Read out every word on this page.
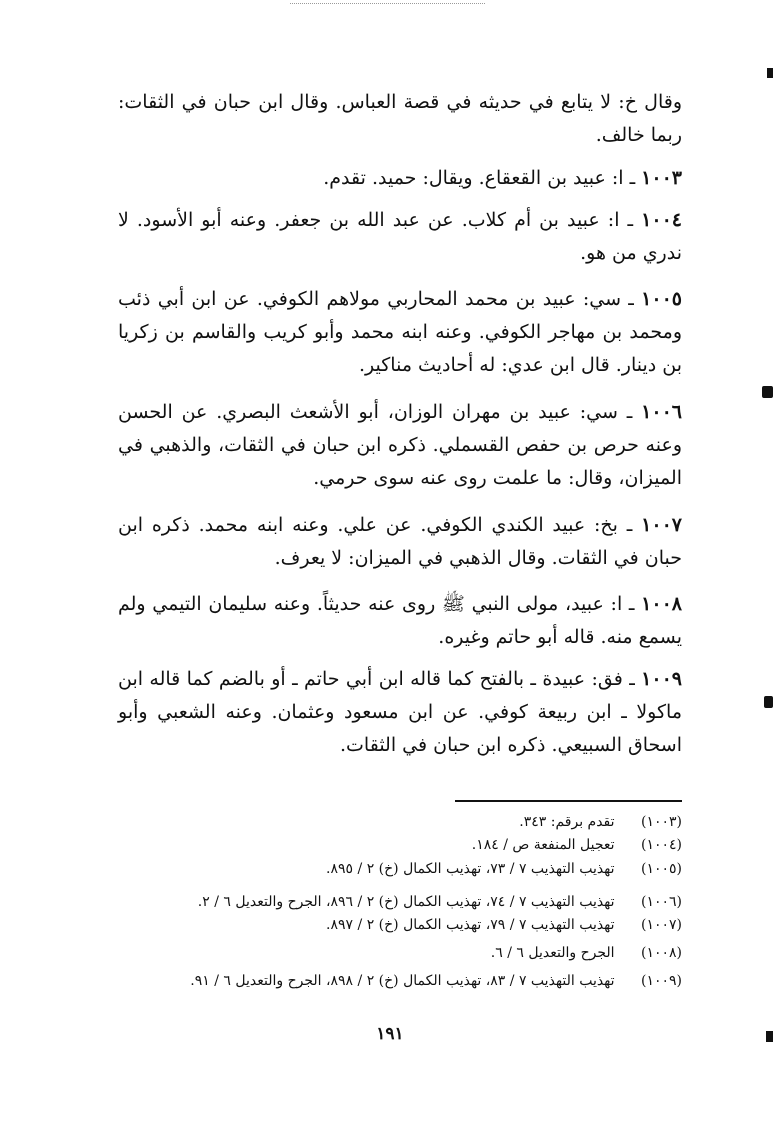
وقال خ: لا يتابع في حديثه في قصة العباس. وقال ابن حبان في الثقات: ربما خالف.

١٠٠٣ ـ ا: عبيد بن القعقاع. ويقال: حميد. تقدم.

١٠٠٤ ـ ا: عبيد بن أم كلاب. عن عبد الله بن جعفر. وعنه أبو الأسود. لا ندري من هو.

١٠٠٥ ـ سي: عبيد بن محمد المحاربي مولاهم الكوفي. عن ابن أبي ذئب ومحمد بن مهاجر الكوفي. وعنه ابنه محمد وأبو كريب والقاسم بن زكريا بن دينار. قال ابن عدي: له أحاديث مناكير.

١٠٠٦ ـ سي: عبيد بن مهران الوزان، أبو الأشعث البصري. عن الحسن وعنه حرص بن حفص القسملي. ذكره ابن حبان في الثقات، والذهبي في الميزان، وقال: ما علمت روى عنه سوى حرمي.

١٠٠٧ ـ بخ: عبيد الكندي الكوفي. عن علي. وعنه ابنه محمد. ذكره ابن حبان في الثقات. وقال الذهبي في الميزان: لا يعرف.

١٠٠٨ ـ ا: عبيد، مولى النبي ﷺ روى عنه حديثاً. وعنه سليمان التيمي ولم يسمع منه. قاله أبو حاتم وغيره.

١٠٠٩ ـ فق: عبيدة ـ بالفتح كما قاله ابن أبي حاتم ـ أو بالضم كما قاله ابن ماكولا ـ ابن ربيعة كوفي. عن ابن مسعود وعثمان. وعنه الشعبي وأبو اسحاق السبيعي. ذكره ابن حبان في الثقات.

(١٠٠٣) تقدم برقم: ٣٤٣.
(١٠٠٤) تعجيل المنفعة ص / ١٨٤.
(١٠٠٥) تهذيب التهذيب ٧ / ٧٣، تهذيب الكمال (خ) ٢ / ٨٩٥.
(١٠٠٦) تهذيب التهذيب ٧ / ٧٤، تهذيب الكمال (خ) ٢ / ٨٩٦، الجرح والتعديل ٦ / ٢.
(١٠٠٧) تهذيب التهذيب ٧ / ٧٩، تهذيب الكمال (خ) ٢ / ٨٩٧.
(١٠٠٨) الجرح والتعديل ٦ / ٦.
(١٠٠٩) تهذيب التهذيب ٧ / ٨٣، تهذيب الكمال (خ) ٢ / ٨٩٨، الجرح والتعديل ٦ / ٩١.
١٩١
